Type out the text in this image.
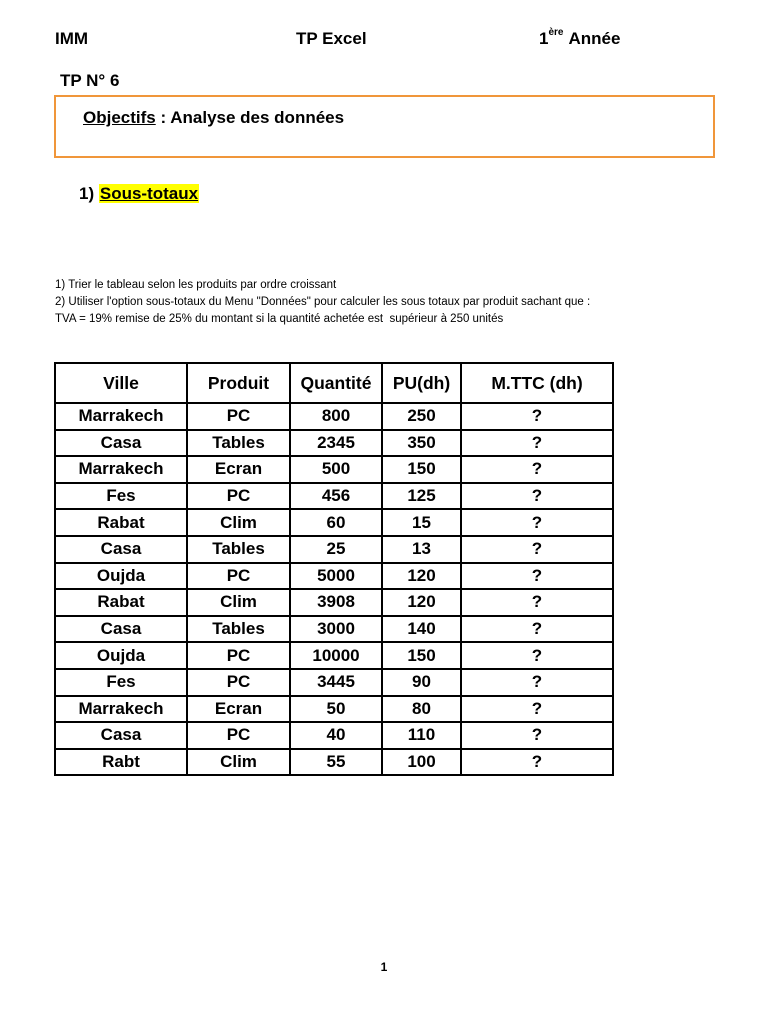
IMM	TP Excel	1ère Année
TP N° 6
Objectifs : Analyse des données
1) Sous-totaux
1) Trier le tableau selon les produits par ordre croissant
2) Utiliser l'option sous-totaux du Menu "Données" pour calculer les sous totaux par produit sachant que :
TVA = 19% remise de 25% du montant si la quantité achetée est  supérieur à 250 unités
Ville	Produit	Quantité	PU(dh)	M.TTC (dh)
Marrakech	PC	800	250	?
Casa	Tables	2345	350	?
Marrakech	Ecran	500	150	?
Fes	PC	456	125	?
Rabat	Clim	60	15	?
Casa	Tables	25	13	?
Oujda	PC	5000	120	?
Rabat	Clim	3908	120	?
Casa	Tables	3000	140	?
Oujda	PC	10000	150	?
Fes	PC	3445	90	?
Marrakech	Ecran	50	80	?
Casa	PC	40	110	?
Rabt	Clim	55	100	?
1
